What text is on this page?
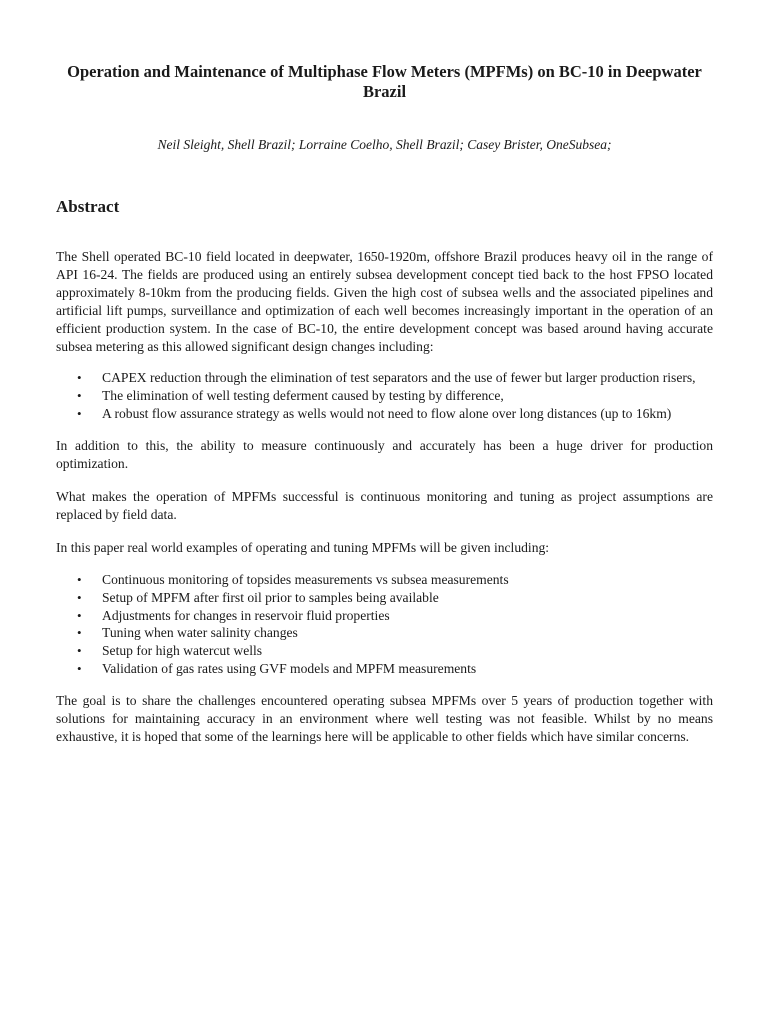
Operation and Maintenance of Multiphase Flow Meters (MPFMs) on BC-10 in Deepwater Brazil

Neil Sleight, Shell Brazil; Lorraine Coelho, Shell Brazil; Casey Brister, OneSubsea;

Abstract

The Shell operated BC-10 field located in deepwater, 1650-1920m, offshore Brazil produces heavy oil in the range of API 16-24. The fields are produced using an entirely subsea development concept tied back to the host FPSO located approximately 8-10km from the producing fields. Given the high cost of subsea wells and the associated pipelines and artificial lift pumps, surveillance and optimization of each well becomes increasingly important in the operation of an efficient production system. In the case of BC-10, the entire development concept was based around having accurate subsea metering as this allowed significant design changes including:

• CAPEX reduction through the elimination of test separators and the use of fewer but larger production risers,
• The elimination of well testing deferment caused by testing by difference,
• A robust flow assurance strategy as wells would not need to flow alone over long distances (up to 16km)

In addition to this, the ability to measure continuously and accurately has been a huge driver for production optimization.

What makes the operation of MPFMs successful is continuous monitoring and tuning as project assumptions are replaced by field data.

In this paper real world examples of operating and tuning MPFMs will be given including:

• Continuous monitoring of topsides measurements vs subsea measurements
• Setup of MPFM after first oil prior to samples being available
• Adjustments for changes in reservoir fluid properties
• Tuning when water salinity changes
• Setup for high watercut wells
• Validation of gas rates using GVF models and MPFM measurements

The goal is to share the challenges encountered operating subsea MPFMs over 5 years of production together with solutions for maintaining accuracy in an environment where well testing was not feasible. Whilst by no means exhaustive, it is hoped that some of the learnings here will be applicable to other fields which have similar concerns.
